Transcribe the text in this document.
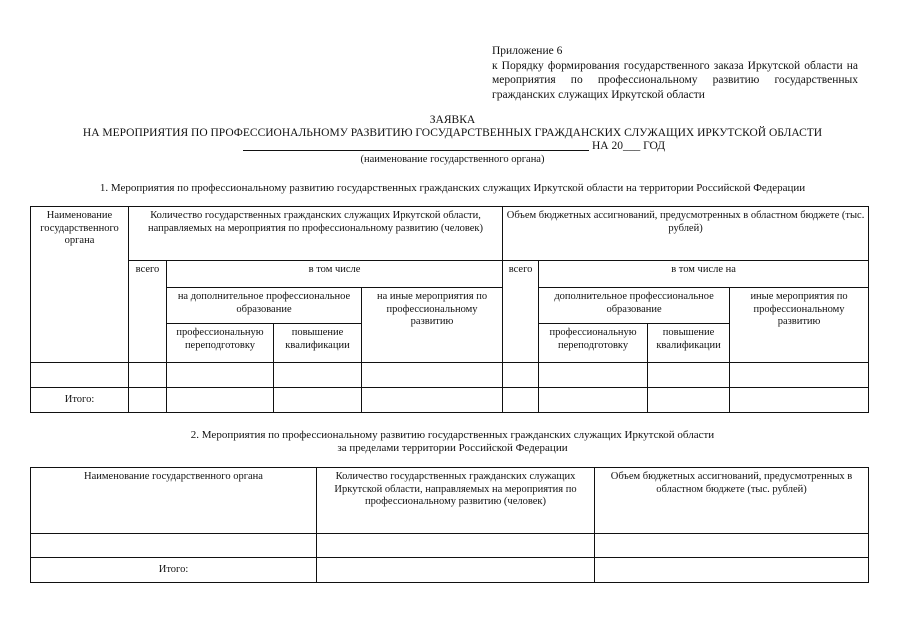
Приложение 6
к Порядку формирования государственного заказа Иркутской области на мероприятия по профессиональному развитию государственных гражданских служащих Иркутской области
ЗАЯВКА
НА МЕРОПРИЯТИЯ ПО ПРОФЕССИОНАЛЬНОМУ РАЗВИТИЮ ГОСУДАРСТВЕННЫХ ГРАЖДАНСКИХ СЛУЖАЩИХ ИРКУТСКОЙ ОБЛАСТИ
НА 20___ ГОД
(наименование государственного органа)
1. Мероприятия по профессиональному развитию государственных гражданских служащих Иркутской области на территории Российской Федерации
Наименование государственного органа	Количество государственных гражданских служащих Иркутской области, направляемых на мероприятия по профессиональному развитию (человек)				Объем бюджетных ассигнований, предусмотренных в областном бюджете (тыс. рублей)			
	всего	в том числе			всего	в том числе на		
		на дополнительное профессиональное образование		на иные мероприятия по профессиональному развитию		дополнительное профессиональное образование		иные мероприятия по профессиональному развитию
		профессиональную переподготовку	повышение квалификации			профессиональную переподготовку	повышение квалификации	

Итого:								
2. Мероприятия по профессиональному развитию государственных гражданских служащих Иркутской области
за пределами территории Российской Федерации
Наименование государственного органа	Количество государственных гражданских служащих Иркутской области, направляемых на мероприятия по профессиональному развитию (человек)	Объем бюджетных ассигнований, предусмотренных в областном бюджете (тыс. рублей)

Итого:		
